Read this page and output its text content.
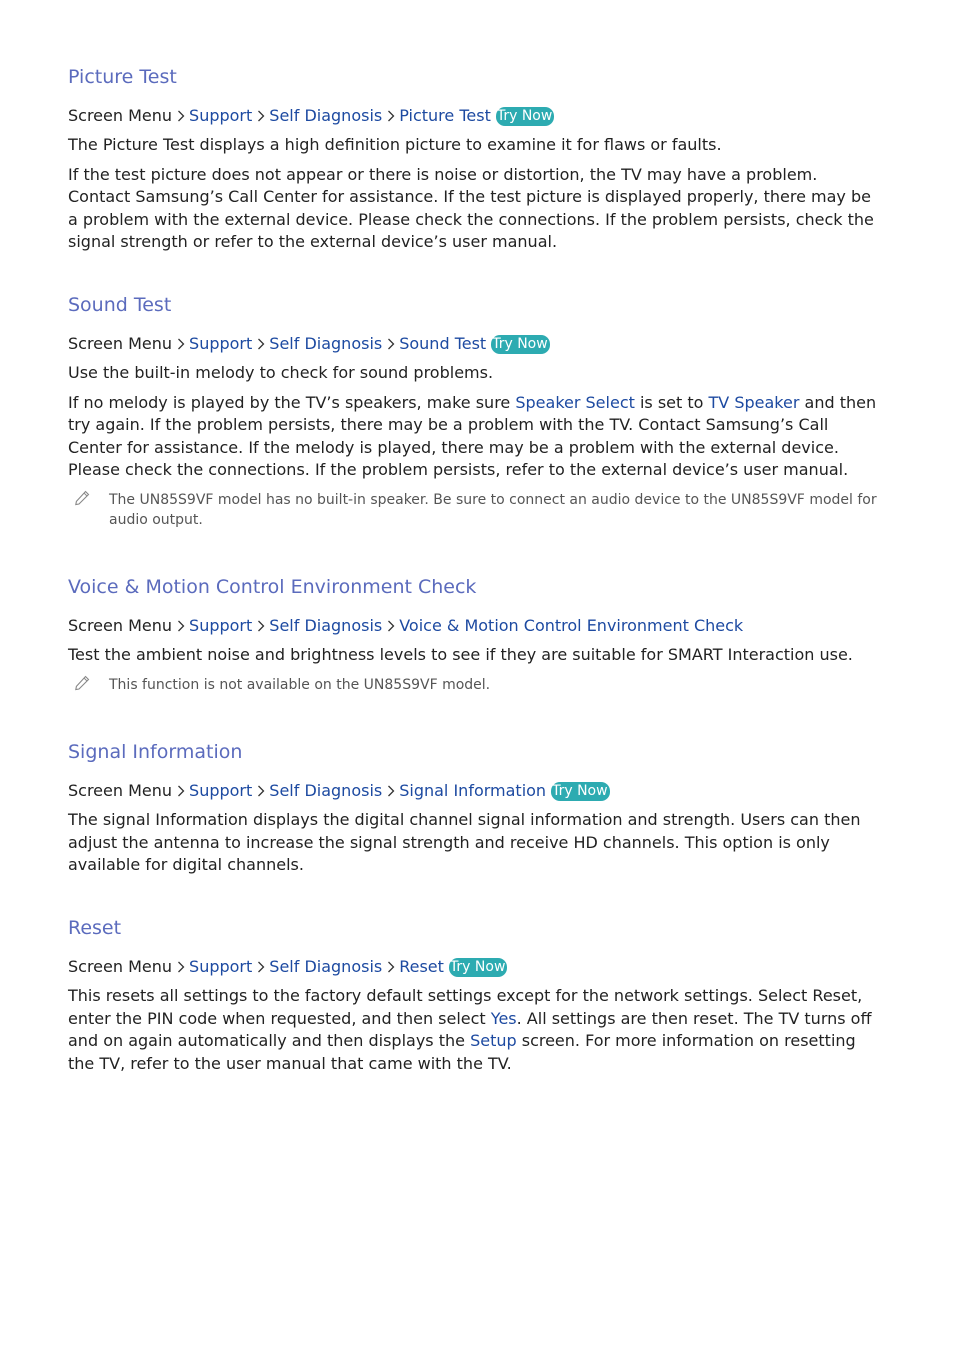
Picture Test
Screen Menu Support Self Diagnosis Picture Test Try Now

The Picture Test displays a high definition picture to examine it for flaws or faults.

If the test picture does not appear or there is noise or distortion, the TV may have a problem. Contact Samsung’s Call Center for assistance. If the test picture is displayed properly, there may be a problem with the external device. Please check the connections. If the problem persists, check the signal strength or refer to the external device’s user manual.

Sound Test
Screen Menu Support Self Diagnosis Sound Test Try Now

Use the built-in melody to check for sound problems.

If no melody is played by the TV’s speakers, make sure Speaker Select is set to TV Speaker and then try again. If the problem persists, there may be a problem with the TV. Contact Samsung’s Call Center for assistance. If the melody is played, there may be a problem with the external device. Please check the connections. If the problem persists, refer to the external device’s user manual.

The UN85S9VF model has no built-in speaker. Be sure to connect an audio device to the UN85S9VF model for audio output.
Voice & Motion Control Environment Check
Screen Menu Support Self Diagnosis Voice & Motion Control Environment Check

Test the ambient noise and brightness levels to see if they are suitable for SMART Interaction use.

This function is not available on the UN85S9VF model.
Signal Information
Screen Menu Support Self Diagnosis Signal Information Try Now

The signal Information displays the digital channel signal information and strength. Users can then adjust the antenna to increase the signal strength and receive HD channels. This option is only available for digital channels.

Reset
Screen Menu Support Self Diagnosis Reset Try Now

This resets all settings to the factory default settings except for the network settings. Select Reset, enter the PIN code when requested, and then select Yes. All settings are then reset. The TV turns off and on again automatically and then displays the Setup screen. For more information on resetting the TV, refer to the user manual that came with the TV.
